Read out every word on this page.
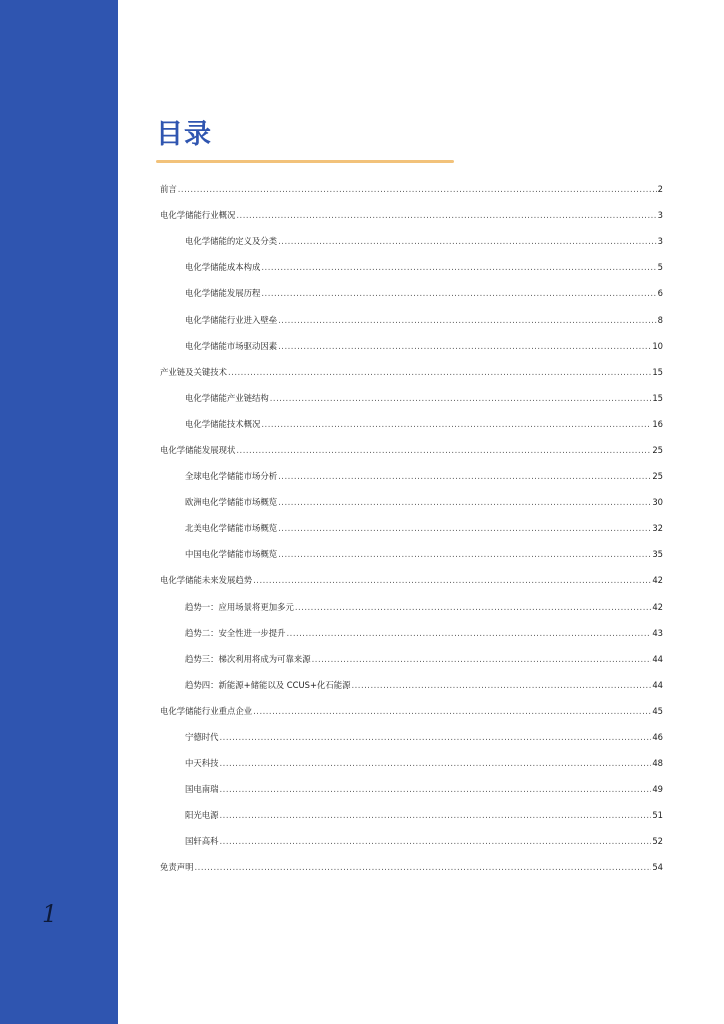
1
目录
前言 .....	2
电化学储能行业概况 .....	3
电化学储能的定义及分类 .....	3
电化学储能成本构成 .....	5
电化学储能发展历程 .....	6
电化学储能行业进入壁垒 .....	8
电化学储能市场驱动因素 .....	10
产业链及关键技术 .....	15
电化学储能产业链结构 .....	15
电化学储能技术概况 .....	16
电化学储能发展现状 .....	25
全球电化学储能市场分析 .....	25
欧洲电化学储能市场概览 .....	30
北美电化学储能市场概览 .....	32
中国电化学储能市场概览 .....	35
电化学储能未来发展趋势 .....	42
趋势一：应用场景将更加多元 .....	42
趋势二：安全性进一步提升 .....	43
趋势三：梯次利用将成为可靠来源 .....	44
趋势四：新能源+储能以及 CCUS+化石能源 .....	44
电化学储能行业重点企业 .....	45
宁德时代 .....	46
中天科技 .....	48
国电南瑞 .....	49
阳光电源 .....	51
国轩高科 .....	52
免责声明 .....	54
